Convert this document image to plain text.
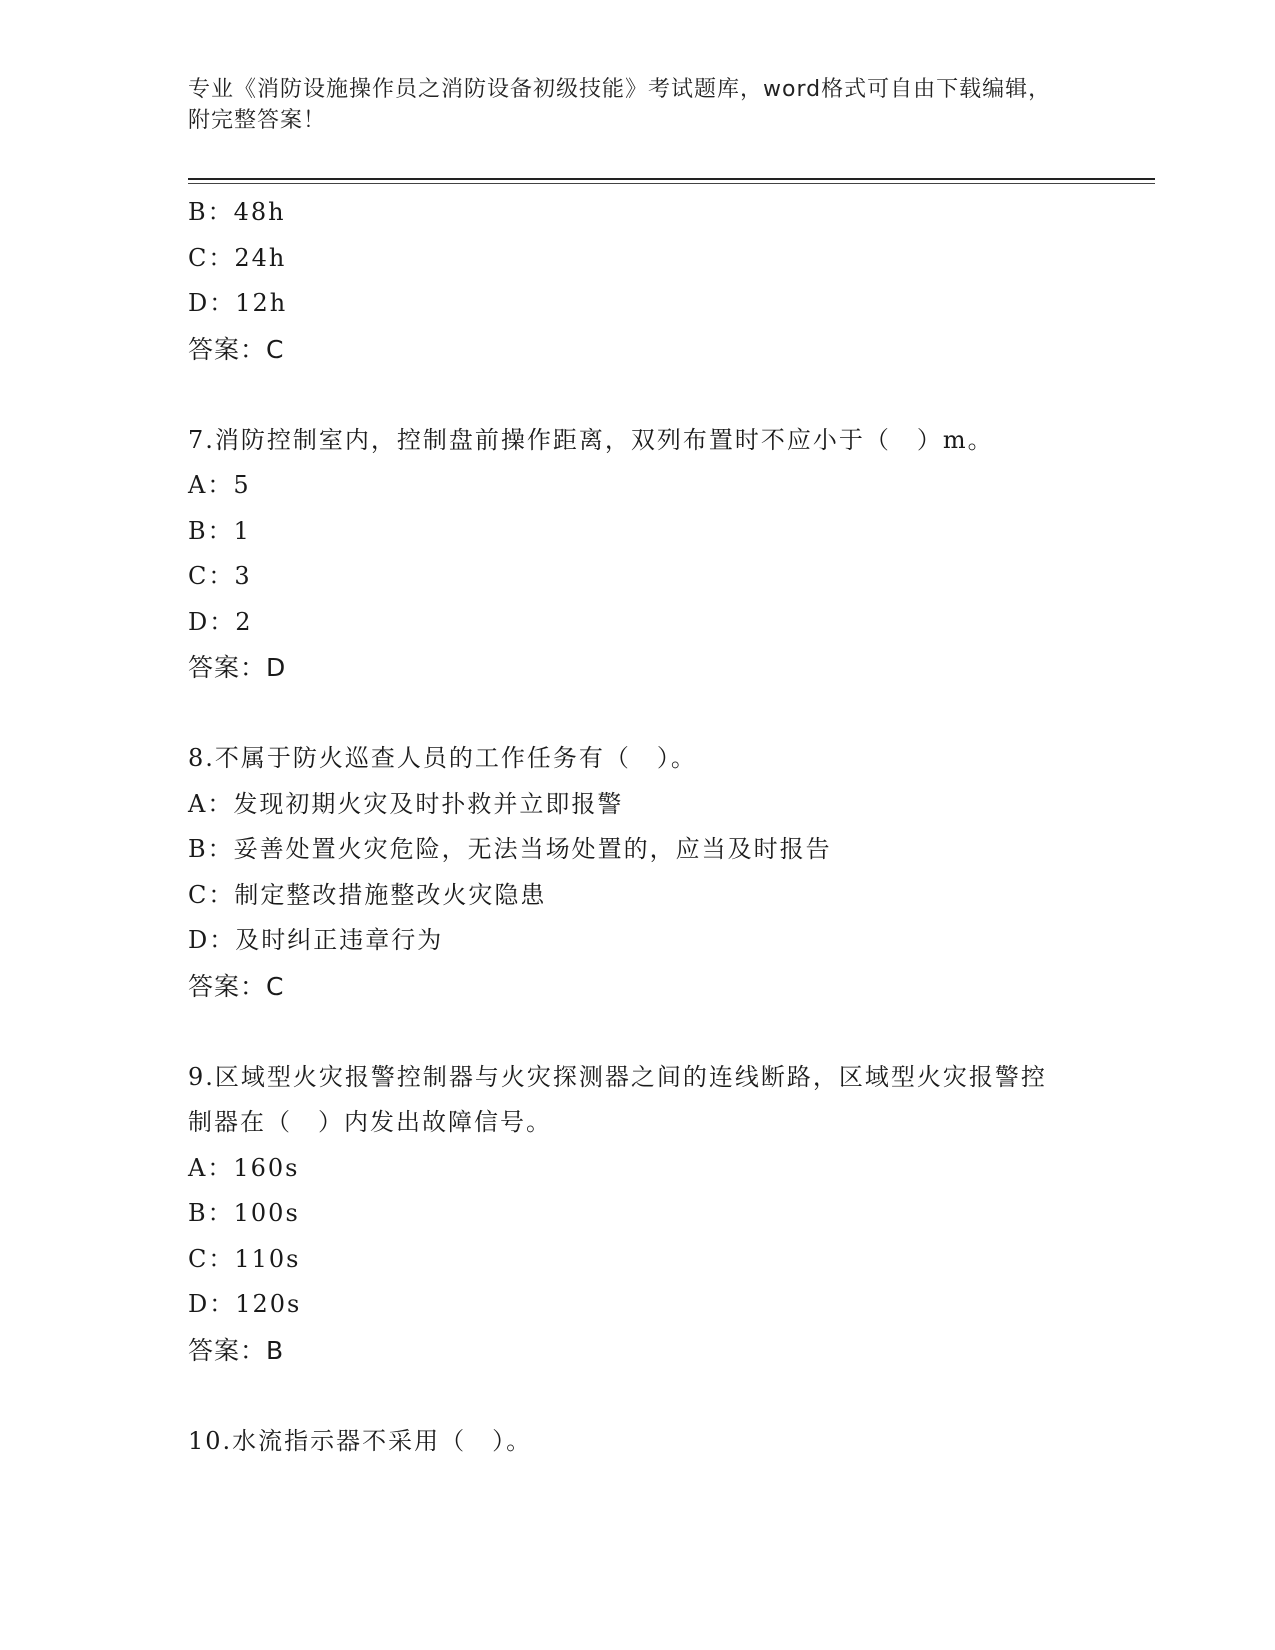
专业《消防设施操作员之消防设备初级技能》考试题库，word格式可自由下载编辑，附完整答案！
B：48h
C：24h
D：12h
答案：C
7.消防控制室内，控制盘前操作距离，双列布置时不应小于（　）m。
A：5
B：1
C：3
D：2
答案：D
8.不属于防火巡查人员的工作任务有（　）。
A：发现初期火灾及时扑救并立即报警
B：妥善处置火灾危险，无法当场处置的，应当及时报告
C：制定整改措施整改火灾隐患
D：及时纠正违章行为
答案：C
9.区域型火灾报警控制器与火灾探测器之间的连线断路，区域型火灾报警控制器在（　）内发出故障信号。
A：160s
B：100s
C：110s
D：120s
答案：B
10.水流指示器不采用（　）。
